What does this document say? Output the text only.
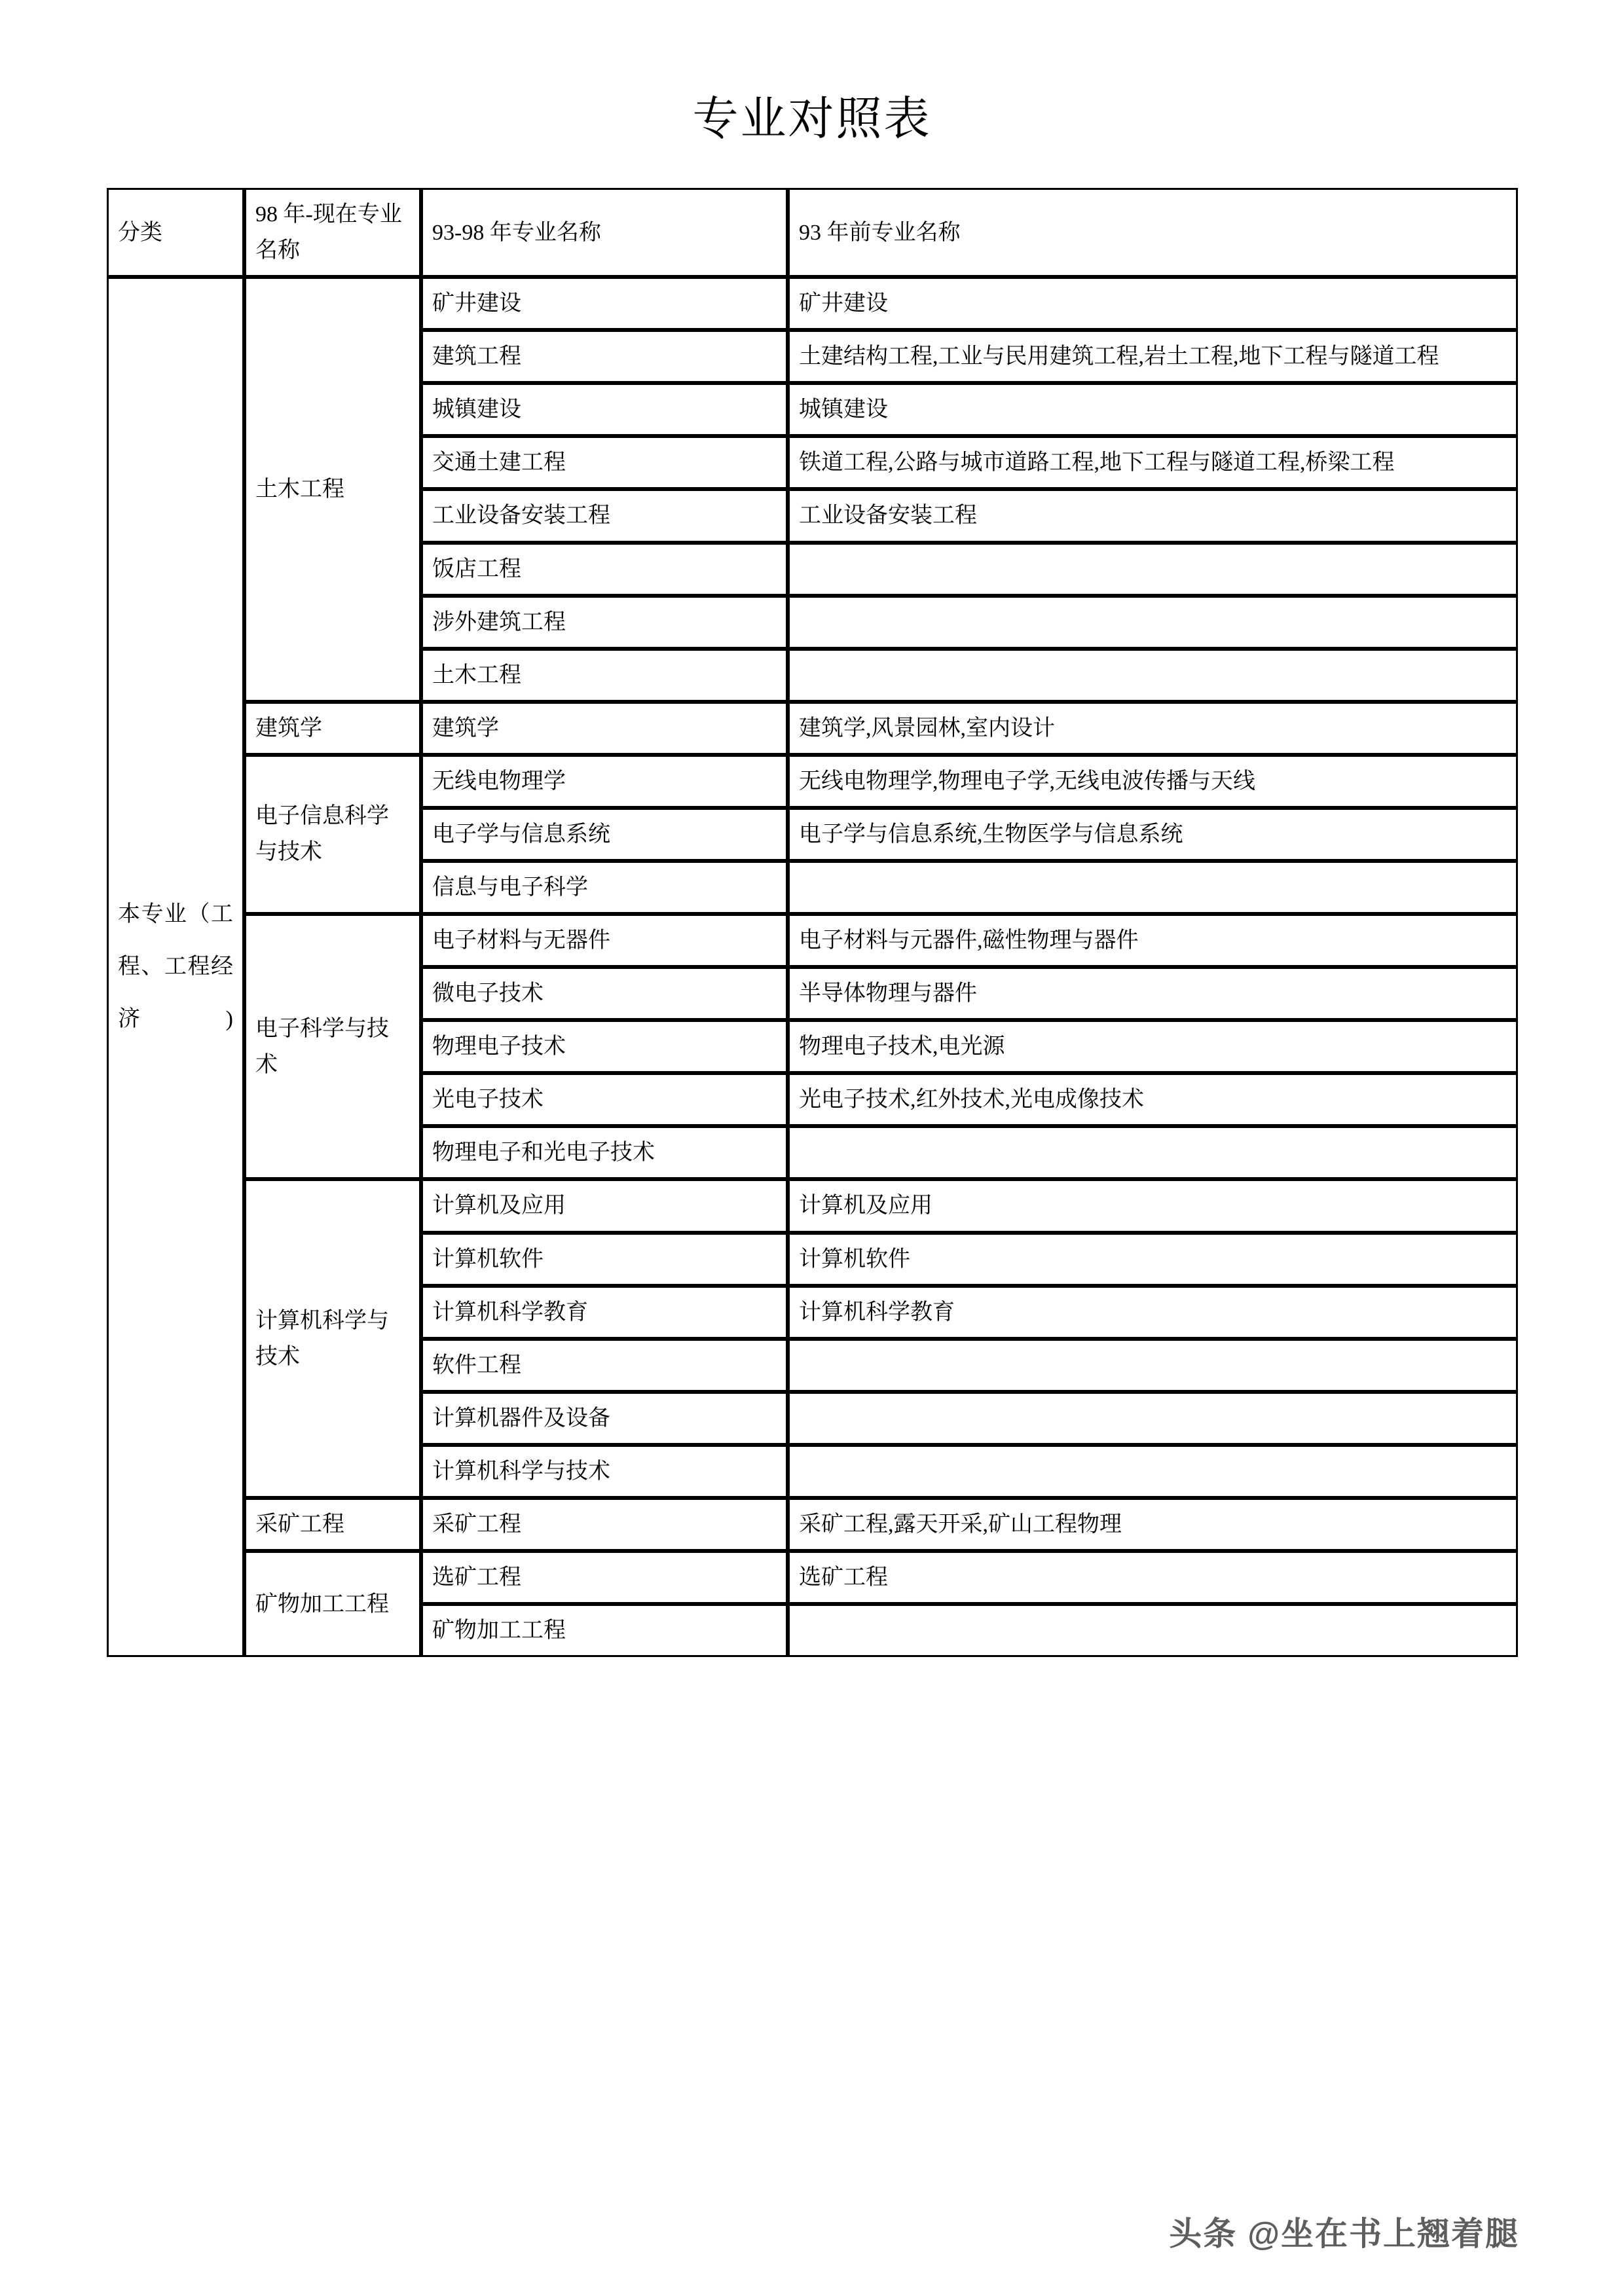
专业对照表
分类	98 年-现在专业名称	93-98 年专业名称	93 年前专业名称

本专业（工程、工程经济)	土木工程	矿井建设	矿井建设
		建筑工程	土建结构工程,工业与民用建筑工程,岩土工程,地下工程与隧道工程
		城镇建设	城镇建设
		交通土建工程	铁道工程,公路与城市道路工程,地下工程与隧道工程,桥梁工程
		工业设备安装工程	工业设备安装工程
		饭店工程	
		涉外建筑工程	
		土木工程	
	建筑学	建筑学	建筑学,风景园林,室内设计
	电子信息科学与技术	无线电物理学	无线电物理学,物理电子学,无线电波传播与天线
		电子学与信息系统	电子学与信息系统,生物医学与信息系统
		信息与电子科学	
	电子科学与技术	电子材料与无器件	电子材料与元器件,磁性物理与器件
		微电子技术	半导体物理与器件
		物理电子技术	物理电子技术,电光源
		光电子技术	光电子技术,红外技术,光电成像技术
		物理电子和光电子技术	
	计算机科学与技术	计算机及应用	计算机及应用
		计算机软件	计算机软件
		计算机科学教育	计算机科学教育
		软件工程	
		计算机器件及设备	
		计算机科学与技术	
	采矿工程	采矿工程	采矿工程,露天开采,矿山工程物理
	矿物加工工程	选矿工程	选矿工程
		矿物加工工程	
头条 @坐在书上翘着腿
